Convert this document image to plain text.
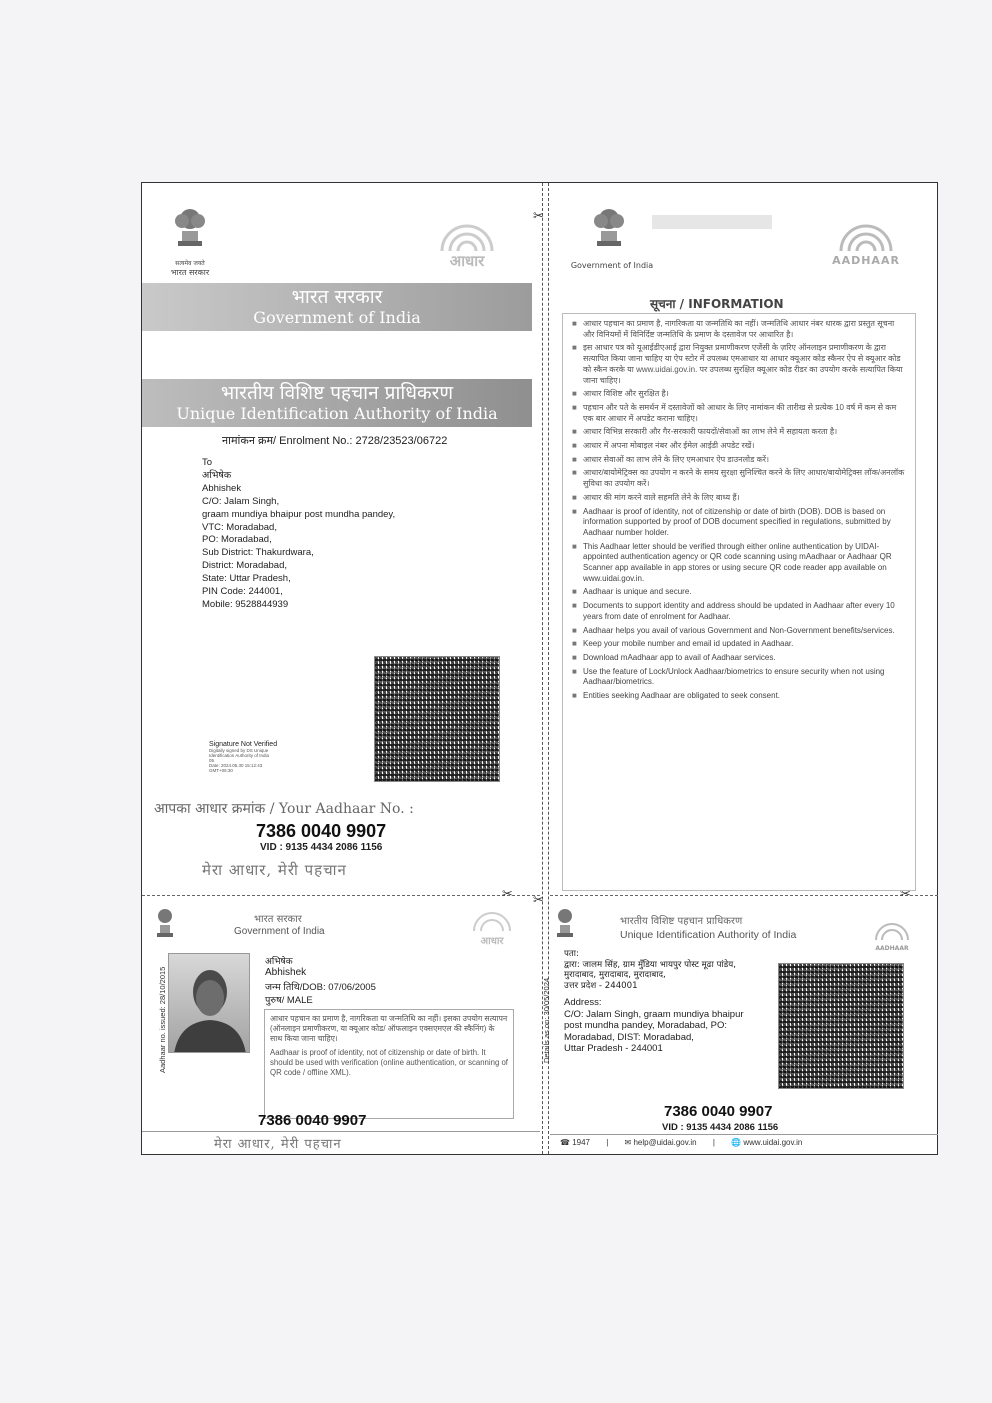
✂
✂
✂	✂
सत्यमेव जयते
भारत सरकार
आधार
भारत सरकार
Government of India
भारतीय विशिष्ट पहचान प्राधिकरण
Unique Identification Authority of India
नामांकन क्रम/ Enrolment No.: 2728/23523/06722
To
अभिषेक
Abhishek
C/O: Jalam Singh,
graam mundiya bhaipur post mundha pandey,
VTC: Moradabad,
PO: Moradabad,
Sub District: Thakurdwara,
District: Moradabad,
State: Uttar Pradesh,
PIN Code: 244001,
Mobile: 9528844939
Signature Not Verified
Digitally signed by DS Unique
Identification Authority of India
05
Date: 2024.05.30 15:12:43
GMT+05:30
आपका आधार क्रमांक / Your Aadhaar No. :
7386 0040 9907
VID : 9135 4434 2086 1156
मेरा आधार, मेरी पहचान
Government of India	AADHAAR
सूचना / INFORMATION
■ आधार पहचान का प्रमाण है, नागरिकता या जन्मतिथि का नहीं। जन्मतिथि आधार नंबर धारक द्वारा प्रस्तुत सूचना और विनियमों में विनिर्दिष्ट जन्मतिथि के प्रमाण के दस्तावेज पर आधारित है।
■ इस आधार पत्र को यूआईडीएआई द्वारा नियुक्त प्रमाणीकरण एजेंसी के ज़रिए ऑनलाइन प्रमाणीकरण के द्वारा सत्यापित किया जाना चाहिए या ऐप स्टोर में उपलब्ध एमआधार या आधार क्यूआर कोड स्कैनर ऐप से क्यूआर कोड को स्कैन करके या www.uidai.gov.in. पर उपलब्ध सुरक्षित क्यूआर कोड रीडर का उपयोग करके सत्यापित किया जाना चाहिए।
■ आधार विशिष्ट और सुरक्षित है।
■ पहचान और पते के समर्थन में दस्तावेजों को आधार के लिए नामांकन की तारीख से प्रत्येक 10 वर्ष में कम से कम एक बार आधार में अपडेट कराना चाहिए।
■ आधार विभिन्न सरकारी और गैर-सरकारी फायदों/सेवाओं का लाभ लेने में सहायता करता है।
■ आधार में अपना मोबाइल नंबर और ईमेल आईडी अपडेट रखें।
■ आधार सेवाओं का लाभ लेने के लिए एमआधार ऐप डाउनलोड करें।
■ आधार/बायोमेट्रिक्स का उपयोग न करने के समय सुरक्षा सुनिश्चित करने के लिए आधार/बायोमेट्रिक्स लॉक/अनलॉक सुविधा का उपयोग करें।
■ आधार की मांग करने वाले सहमति लेने के लिए बाध्य हैं।
■ Aadhaar is proof of identity, not of citizenship or date of birth (DOB). DOB is based on information supported by proof of DOB document specified in regulations, submitted by Aadhaar number holder.
■ This Aadhaar letter should be verified through either online authentication by UIDAI-appointed authentication agency or QR code scanning using mAadhaar or Aadhaar QR Scanner app available in app stores or using secure QR code reader app available on www.uidai.gov.in.
■ Aadhaar is unique and secure.
■ Documents to support identity and address should be updated in Aadhaar after every 10 years from date of enrolment for Aadhaar.
■ Aadhaar helps you avail of various Government and Non-Government benefits/services.
■ Keep your mobile number and email id updated in Aadhaar.
■ Download mAadhaar app to avail of Aadhaar services.
■ Use the feature of Lock/Unlock Aadhaar/biometrics to ensure security when not using Aadhaar/biometrics.
■ Entities seeking Aadhaar are obligated to seek consent.
भारत सरकार
Government of India
आधार
Aadhaar no. issued: 28/10/2015
अभिषेक
Abhishek
जन्म तिथि/DOB: 07/06/2005
पुरुष/ MALE
आधार पहचान का प्रमाण है, नागरिकता या जन्मतिथि का नहीं। इसका उपयोग सत्यापन (ऑनलाइन प्रमाणीकरण, या क्यूआर कोड/ ऑफलाइन एक्सएमएल की स्कैनिंग) के साथ किया जाना चाहिए।
Aadhaar is proof of identity, not of citizenship or date of birth. It should be used with verification (online authentication, or scanning of QR code / offline XML).
7386 0040 9907
मेरा आधार, मेरी पहचान
भारतीय विशिष्ट पहचान प्राधिकरण
Unique Identification Authority of India
AADHAAR
Details as on: 30/05/2024
पता:
द्वारा: जालम सिंह, ग्राम मुँडिया भायपुर पोस्ट मूढा पांडेय,
मुरादाबाद, मुरादाबाद, मुरादाबाद,
उत्तर प्रदेश - 244001
Address:
C/O: Jalam Singh, graam mundiya bhaipur
post mundha pandey, Moradabad, PO:
Moradabad, DIST: Moradabad,
Uttar Pradesh - 244001
7386 0040 9907
VID : 9135 4434 2086 1156
☎ 1947 | ✉ help@uidai.gov.in | 🌐 www.uidai.gov.in
